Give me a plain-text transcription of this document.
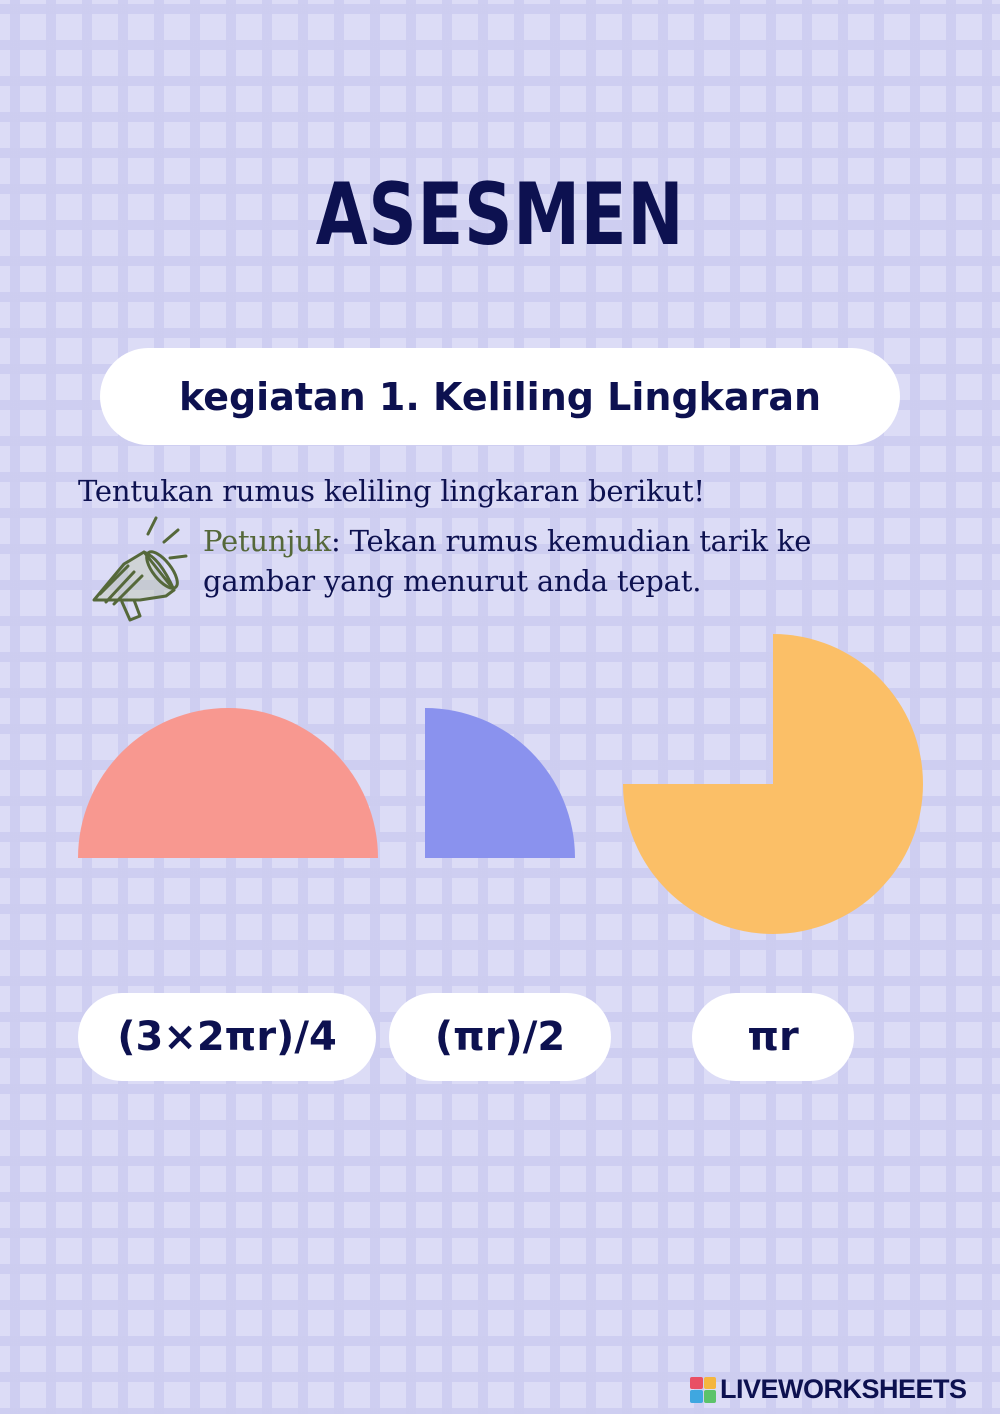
ASESMEN
kegiatan 1. Keliling Lingkaran
Tentukan rumus keliling lingkaran berikut!
Petunjuk: Tekan rumus kemudian tarik ke gambar yang menurut anda tepat.
(3×2πr)/4 (πr)/2	πr
LIVEWORKSHEETS
